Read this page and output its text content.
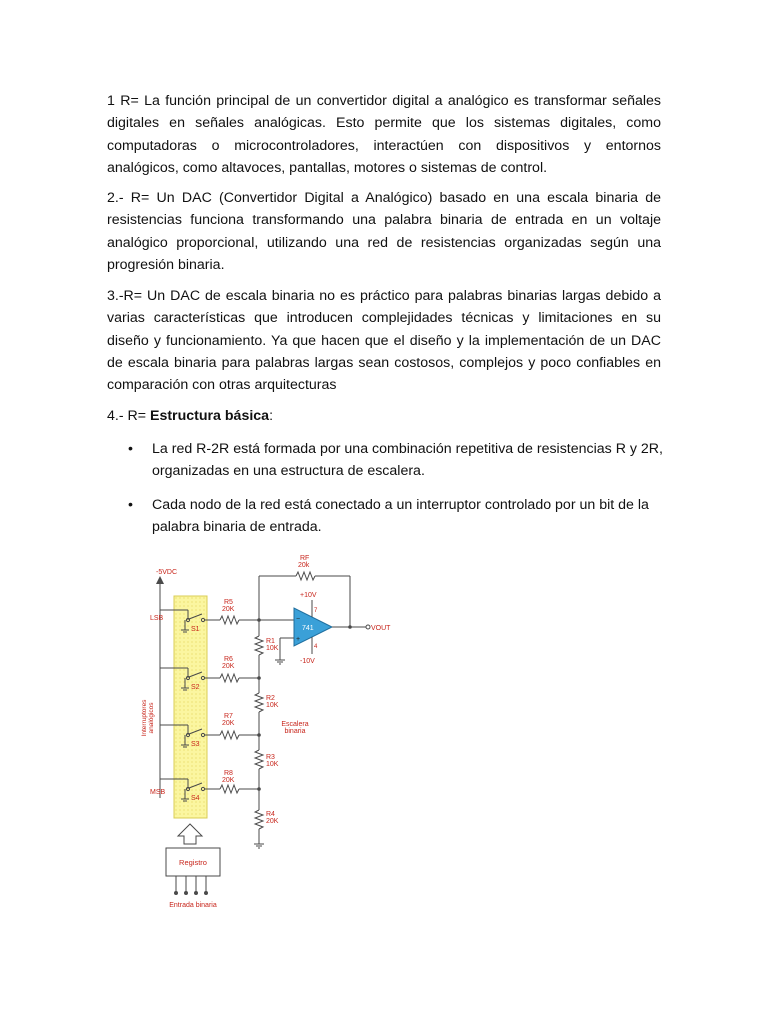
1 R= La función principal de un convertidor digital a analógico es transformar señales digitales en señales analógicas. Esto permite que los sistemas digitales, como computadoras o microcontroladores, interactúen con dispositivos y entornos analógicos, como altavoces, pantallas, motores o sistemas de control.

2.- R= Un DAC (Convertidor Digital a Analógico) basado en una escala binaria de resistencias funciona transformando una palabra binaria de entrada en un voltaje analógico proporcional, utilizando una red de resistencias organizadas según una progresión binaria.

3.-R= Un DAC de escala binaria no es práctico para palabras binarias largas debido a varias características que introducen complejidades técnicas y limitaciones en su diseño y funcionamiento. Ya que hacen que el diseño y la implementación de un DAC de escala binaria para palabras largas sean costosos, complejos y poco confiables en comparación con otras arquitecturas

4.- R= Estructura básica:

• La red R-2R está formada por una combinación repetitiva de resistencias R y 2R, organizadas en una estructura de escalera.
• Cada nodo de la red está conectado a un interruptor controlado por un bit de la palabra binaria de entrada.
-5VDC
Interruptoresanalógicos
LSB
MSB
S1
S2
S3
S4
R5
20K
R6
20K
R7
20K
R8
20K
R1
10K
R2
10K
R3
10K
R4
20K
Escalera binaria
RF
20k
741
−
+
7
4
+10V
-10V
VOUT
Registro
Entrada binaria
